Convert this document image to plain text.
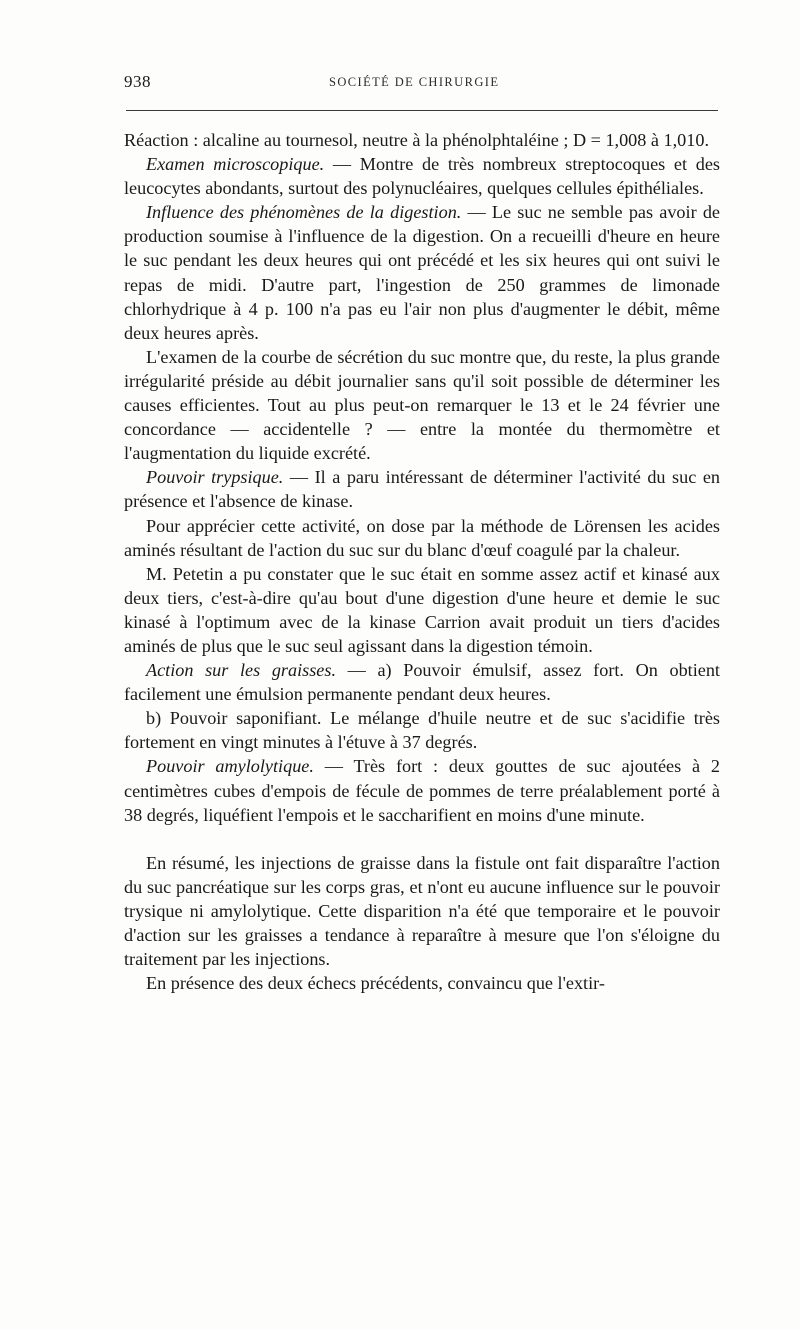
938	SOCIÉTÉ DE CHIRURGIE

Réaction : alcaline au tournesol, neutre à la phénolphtaléine ; D = 1,008 à 1,010.

Examen microscopique. — Montre de très nombreux streptocoques et des leucocytes abondants, surtout des polynucléaires, quelques cellules épithéliales.

Influence des phénomènes de la digestion. — Le suc ne semble pas avoir de production soumise à l'influence de la digestion. On a recueilli d'heure en heure le suc pendant les deux heures qui ont précédé et les six heures qui ont suivi le repas de midi. D'autre part, l'ingestion de 250 grammes de limonade chlorhydrique à 4 p. 100 n'a pas eu l'air non plus d'augmenter le débit, même deux heures après.

L'examen de la courbe de sécrétion du suc montre que, du reste, la plus grande irrégularité préside au débit journalier sans qu'il soit possible de déterminer les causes efficientes. Tout au plus peut-on remarquer le 13 et le 24 février une concordance — accidentelle ? — entre la montée du thermomètre et l'augmentation du liquide excrété.

Pouvoir trypsique. — Il a paru intéressant de déterminer l'activité du suc en présence et l'absence de kinase.

Pour apprécier cette activité, on dose par la méthode de Lörensen les acides aminés résultant de l'action du suc sur du blanc d'œuf coagulé par la chaleur.

M. Petetin a pu constater que le suc était en somme assez actif et kinasé aux deux tiers, c'est-à-dire qu'au bout d'une digestion d'une heure et demie le suc kinasé à l'optimum avec de la kinase Carrion avait produit un tiers d'acides aminés de plus que le suc seul agissant dans la digestion témoin.

Action sur les graisses. — a) Pouvoir émulsif, assez fort. On obtient facilement une émulsion permanente pendant deux heures.

b) Pouvoir saponifiant. Le mélange d'huile neutre et de suc s'acidifie très fortement en vingt minutes à l'étuve à 37 degrés.

Pouvoir amylolytique. — Très fort : deux gouttes de suc ajoutées à 2 centimètres cubes d'empois de fécule de pommes de terre préalablement porté à 38 degrés, liquéfient l'empois et le saccharifient en moins d'une minute.

En résumé, les injections de graisse dans la fistule ont fait disparaître l'action du suc pancréatique sur les corps gras, et n'ont eu aucune influence sur le pouvoir trysique ni amylolytique. Cette disparition n'a été que temporaire et le pouvoir d'action sur les graisses a tendance à reparaître à mesure que l'on s'éloigne du traitement par les injections.

En présence des deux échecs précédents, convaincu que l'extir-
